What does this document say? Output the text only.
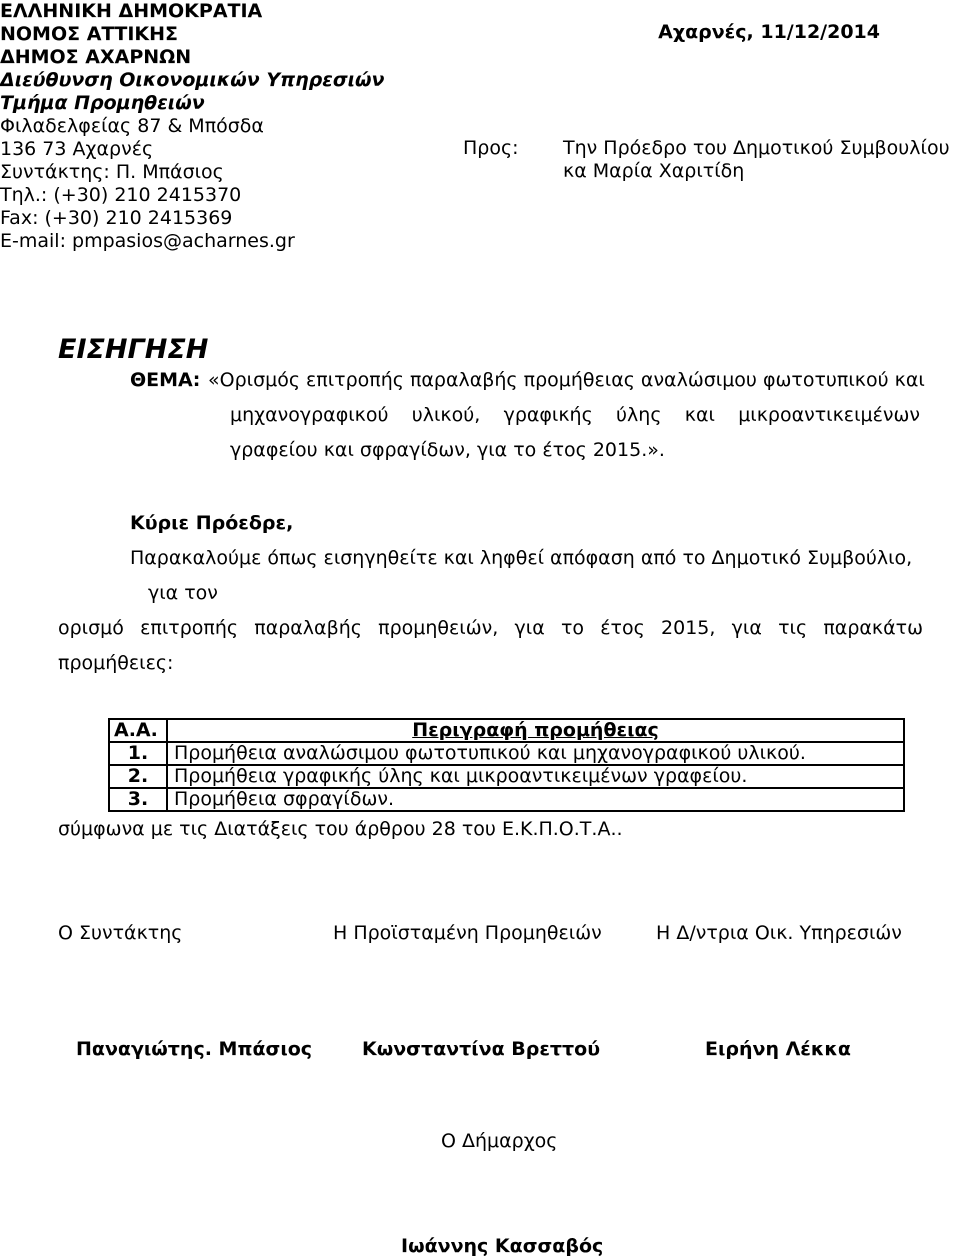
ΕΛΛΗΝΙΚΗ ΔΗΜΟΚΡΑΤΙΑ
ΝΟΜΟΣ ΑΤΤΙΚΗΣ
ΔΗΜΟΣ ΑΧΑΡΝΩΝ
Διεύθυνση Οικονομικών Υπηρεσιών
Τμήμα Προμηθειών
Φιλαδελφείας 87 & Μπόσδα
136 73 Αχαρνές
Συντάκτης: Π. Μπάσιος
Τηλ.: (+30) 210 2415370
Fax: (+30) 210 2415369
E-mail: pmpasios@acharnes.gr
Αχαρνές, 11/12/2014
Προς: Την Πρόεδρο του Δημοτικού Συμβουλίου
κα Μαρία Χαριτίδη
ΕΙΣΗΓΗΣΗ
ΘΕΜΑ: «Ορισμός επιτροπής παραλαβής προμήθειας αναλώσιμου φωτοτυπικού και
μηχανογραφικού υλικού, γραφικής ύλης και μικροαντικειμένων
γραφείου και σφραγίδων, για το έτος 2015.».
Κύριε Πρόεδρε,
Παρακαλούμε όπως εισηγηθείτε και ληφθεί απόφαση από το Δημοτικό Συμβούλιο,
για τον
ορισμό επιτροπής παραλαβής προμηθειών, για το έτος 2015, για τις παρακάτω
προμήθειες:
Α.Α.	Περιγραφή προμήθειας
1.	Προμήθεια αναλώσιμου φωτοτυπικού και μηχανογραφικού υλικού.
2.	Προμήθεια γραφικής ύλης και μικροαντικειμένων γραφείου.
3.	Προμήθεια σφραγίδων.
σύμφωνα με τις Διατάξεις του άρθρου 28 του Ε.Κ.Π.Ο.Τ.Α..
Ο Συντάκτης	Η Προϊσταμένη Προμηθειών	Η Δ/ντρια Οικ. Υπηρεσιών
Παναγιώτης. Μπάσιος	Κωνσταντίνα Βρεττού	Ειρήνη Λέκκα
Ο Δήμαρχος
Ιωάννης Κασσαβός
